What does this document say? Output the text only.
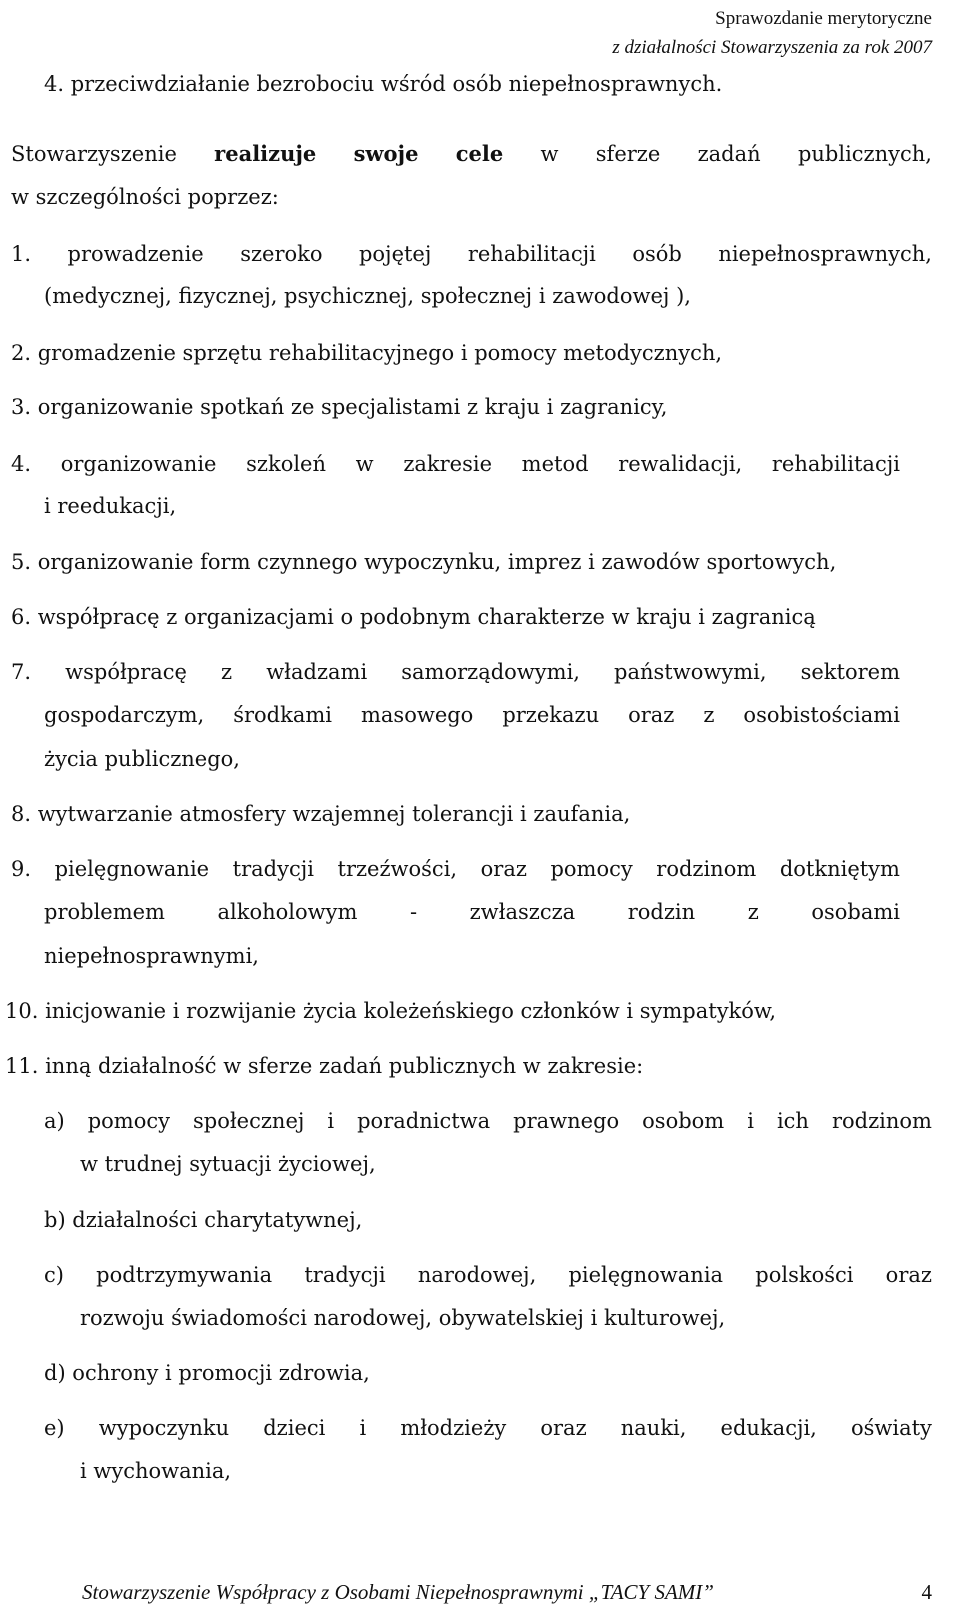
Sprawozdanie merytoryczne
z działalności Stowarzyszenia za rok 2007
4. przeciwdziałanie bezrobociu wśród osób niepełnosprawnych.
Stowarzyszenie realizuje swoje cele w sferze zadań publicznych,
w szczególności poprzez:
1. prowadzenie szeroko pojętej rehabilitacji osób niepełnosprawnych,
(medycznej, fizycznej, psychicznej, społecznej i zawodowej ),
2. gromadzenie sprzętu rehabilitacyjnego i pomocy metodycznych,
3. organizowanie spotkań ze specjalistami z kraju i zagranicy,
4. organizowanie szkoleń w zakresie metod rewalidacji, rehabilitacji
i reedukacji,
5. organizowanie form czynnego wypoczynku, imprez i zawodów sportowych,
6. współpracę z organizacjami o podobnym charakterze w kraju i zagranicą
7. współpracę z władzami samorządowymi, państwowymi, sektorem
gospodarczym, środkami masowego przekazu oraz z osobistościami
życia publicznego,
8. wytwarzanie atmosfery wzajemnej tolerancji i zaufania,
9. pielęgnowanie tradycji trzeźwości, oraz pomocy rodzinom dotkniętym
problemem	alkoholowym	-	zwłaszcza	rodzin	z	osobami
niepełnosprawnymi,
10. inicjowanie i rozwijanie życia koleżeńskiego członków i sympatyków,
11. inną działalność w sferze zadań publicznych w zakresie:
a) pomocy społecznej i poradnictwa prawnego osobom i ich rodzinom
w trudnej sytuacji życiowej,
b) działalności charytatywnej,
c) podtrzymywania tradycji narodowej, pielęgnowania polskości oraz
rozwoju świadomości narodowej, obywatelskiej i kulturowej,
d) ochrony i promocji zdrowia,
e) wypoczynku dzieci i młodzieży oraz nauki, edukacji, oświaty
i wychowania,
Stowarzyszenie Współpracy z Osobami Niepełnosprawnymi „TACY SAMI”	4
